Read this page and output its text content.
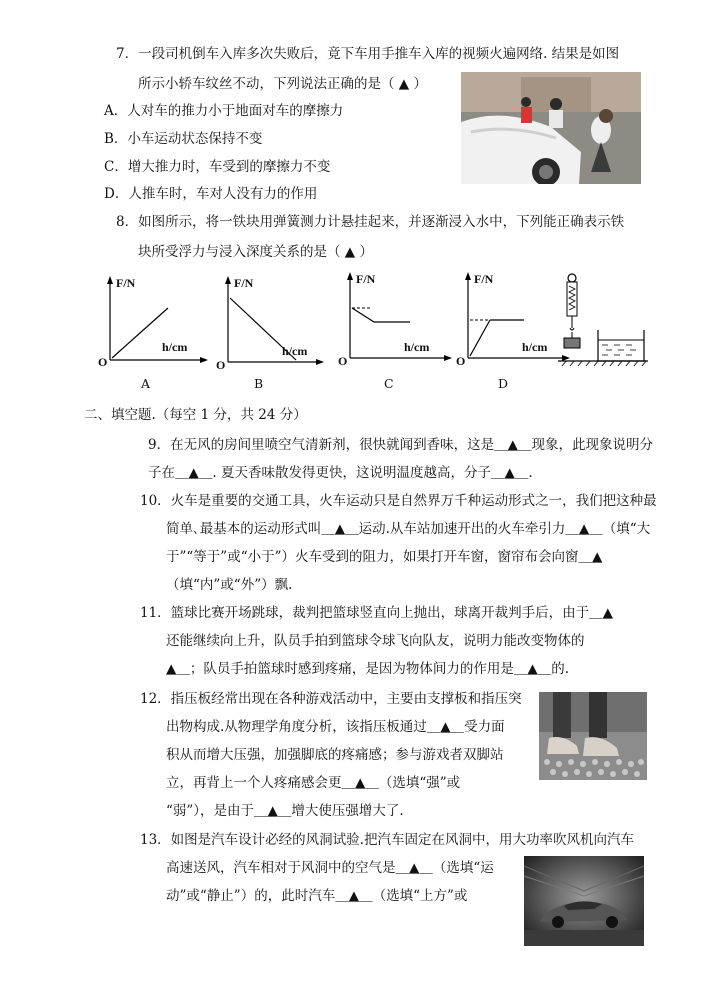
7．一段司机倒车入库多次失败后，竟下车用手推车入库的视频火遍网络. 结果是如图
所示小轿车纹丝不动，下列说法正确的是（ ▲ ）
A．人对车的推力小于地面对车的摩擦力
B．小车运动状态保持不变
C．增大推力时，车受到的摩擦力不变
D．人推车时，车对人没有力的作用
8．如图所示，将一铁块用弹簧测力计悬挂起来，并逐渐浸入水中，下列能正确表示铁
块所受浮力与浸入深度关系的是（ ▲ ）
F/N
h/cm
O
A
F/N
h/cm
O
B
F/N
h/cm
O
C
F/N
h/cm
O
D
二、填空题.（每空 1 分，共 24 分）
9．在无风的房间里喷空气清新剂，很快就闻到香味，这是＿▲＿现象，此现象说明分
子在＿▲＿. 夏天香味散发得更快，这说明温度越高，分子＿▲＿.
10．火车是重要的交通工具，火车运动只是自然界万千种运动形式之一，我们把这种最
简单､最基本的运动形式叫＿▲＿运动.从车站加速开出的火车牵引力＿▲＿（填“大
于”“等于”或“小于”）火车受到的阻力，如果打开车窗，窗帘布会向窗＿▲
（填“内”或“外”）飘.
11．篮球比赛开场跳球，裁判把篮球竖直向上抛出，球离开裁判手后，由于＿▲
还能继续向上升，队员手拍到篮球令球飞向队友，说明力能改变物体的
▲＿；队员手拍篮球时感到疼痛，是因为物体间力的作用是＿▲＿的.
12．指压板经常出现在各种游戏活动中，主要由支撑板和指压突
出物构成.从物理学角度分析，该指压板通过＿▲＿受力面
积从而增大压强，加强脚底的疼痛感；参与游戏者双脚站
立，再背上一个人疼痛感会更＿▲＿（选填“强”或
“弱”），是由于＿▲＿增大使压强增大了.
13．如图是汽车设计必经的风洞试验.把汽车固定在风洞中，用大功率吹风机向汽车
高速送风，汽车相对于风洞中的空气是＿▲＿（选填“运
动”或“静止”）的，此时汽车＿▲＿（选填“上方”或
